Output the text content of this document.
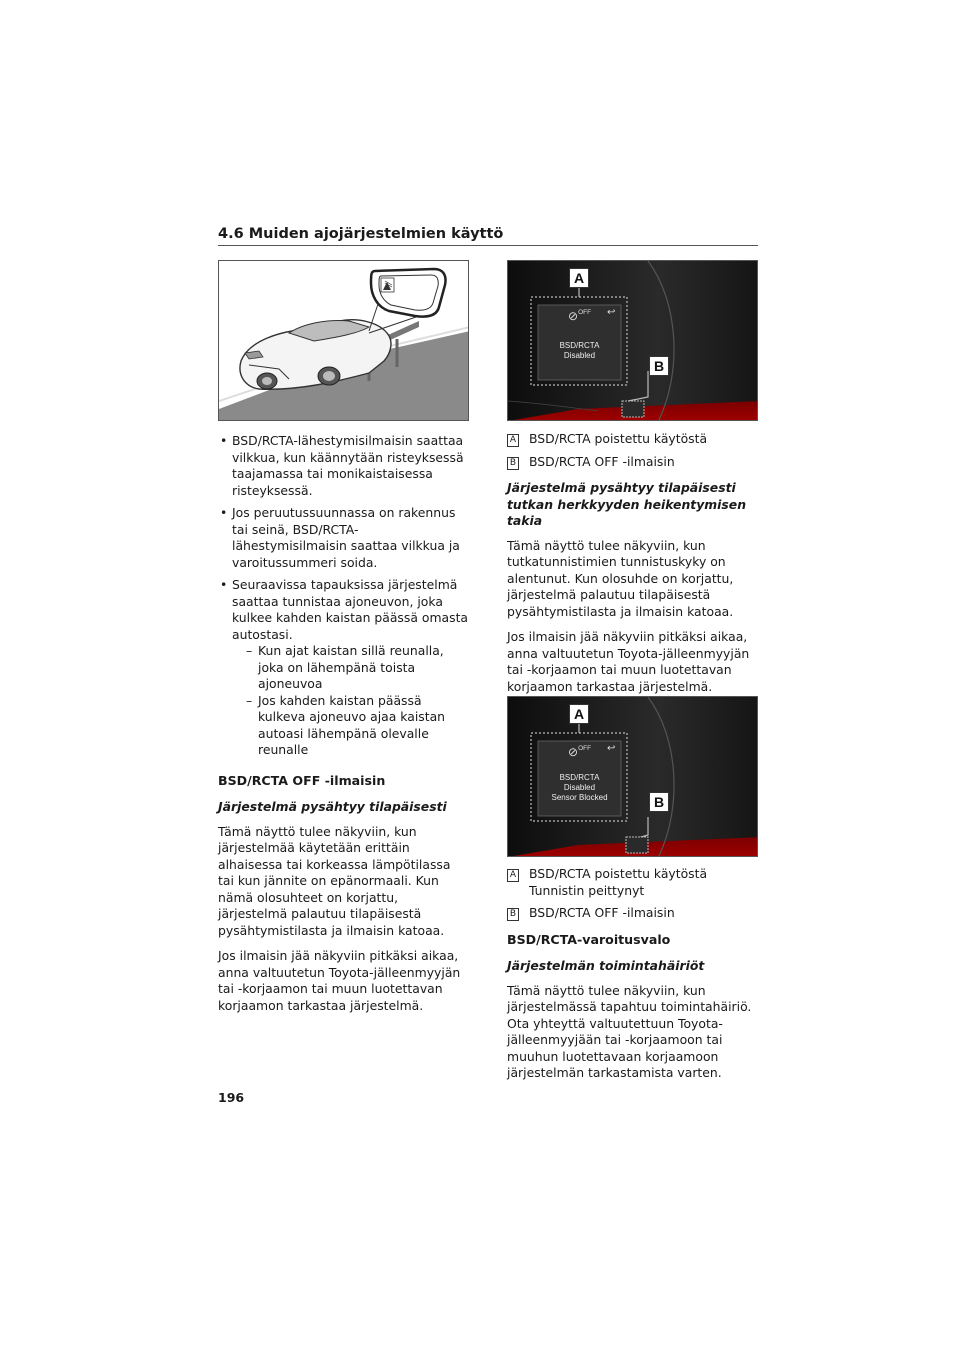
4.6 Muiden ajojärjestelmien käyttö
A
B
⊘$^{OFF}$ ↩
BSD/RCTA
Disabled
A
B
⊘$^{OFF}$ ↩
BSD/RCTA
Disabled
Sensor Blocked
• BSD/RCTA-lähestymisilmaisin saattaa vilkkua, kun käännytään risteyksessä taajamassa tai monikaistaisessa risteyksessä.
• Jos peruutussuunnassa on rakennus tai seinä, BSD/RCTA-lähestymisilmaisin saattaa vilkkua ja varoitussummeri soida.
• Seuraavissa tapauksissa järjestelmä saattaa tunnistaa ajoneuvon, joka kulkee kahden kaistan päässä omasta autostasi.
– Kun ajat kaistan sillä reunalla, joka on lähempänä toista ajoneuvoa
– Jos kahden kaistan päässä kulkeva ajoneuvo ajaa kaistan autoasi lähempänä olevalle reunalle
BSD/RCTA OFF -ilmaisin
Järjestelmä pysähtyy tilapäisesti

Tämä näyttö tulee näkyviin, kun järjestelmää käytetään erittäin alhaisessa tai korkeassa lämpötilassa tai kun jännite on epänormaali. Kun nämä olosuhteet on korjattu, järjestelmä palautuu tilapäisestä pysähtymistilasta ja ilmaisin katoaa.

Jos ilmaisin jää näkyviin pitkäksi aikaa, anna valtuutetun Toyota-jälleenmyyjän tai -korjaamon tai muun luotettavan korjaamon tarkastaa järjestelmä.

A BSD/RCTA poistettu käytöstä
B BSD/RCTA OFF -ilmaisin
Järjestelmä pysähtyy tilapäisesti tutkan herkkyyden heikentymisen takia

Tämä näyttö tulee näkyviin, kun tutkatunnistimien tunnistuskyky on alentunut. Kun olosuhde on korjattu, järjestelmä palautuu tilapäisestä pysähtymistilasta ja ilmaisin katoaa.

Jos ilmaisin jää näkyviin pitkäksi aikaa, anna valtuutetun Toyota-jälleenmyyjän tai -korjaamon tai muun luotettavan korjaamon tarkastaa järjestelmä.

A BSD/RCTA poistettu käytöstä
Tunnistin peittynyt
B BSD/RCTA OFF -ilmaisin
BSD/RCTA-varoitusvalo
Järjestelmän toimintahäiriöt

Tämä näyttö tulee näkyviin, kun järjestelmässä tapahtuu toimintahäiriö. Ota yhteyttä valtuutettuun Toyota-jälleenmyyjään tai -korjaamoon tai muuhun luotettavaan korjaamoon järjestelmän tarkastamista varten.

196
